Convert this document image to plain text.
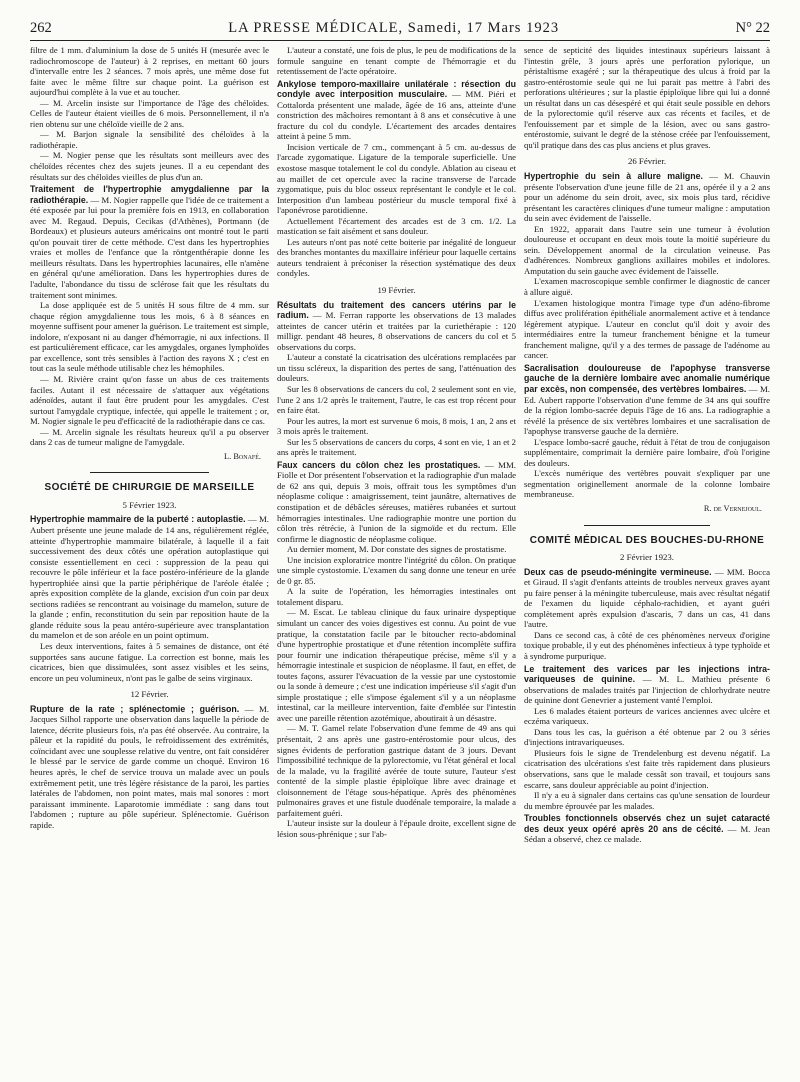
262	LA PRESSE MÉDICALE, Samedi, 17 Mars 1923	N° 22

filtre de 1 mm. d'aluminium la dose de 5 unités H (mesurée avec le radiochromoscope de l'auteur) à 2 reprises, en mettant 60 jours d'intervalle entre les 2 séances. 7 mois après, une même dose fut faite avec le même filtre sur chaque point. La guérison est aujourd'hui complète à la vue et au toucher.

— M. Arcelin insiste sur l'importance de l'âge des chéloïdes. Celles de l'auteur étaient vieilles de 6 mois. Personnellement, il n'a rien obtenu sur une chéloïde vieille de 2 ans.

— M. Barjon signale la sensibilité des chéloïdes à la radiothérapie.

— M. Nogier pense que les résultats sont meilleurs avec des chéloïdes récentes chez des sujets jeunes. Il a eu cependant des résultats sur des chéloïdes vieilles de plus d'un an.

Traitement de l'hypertrophie amygdalienne par la radiothérapie. — M. Nogier rappelle que l'idée de ce traitement a été exposée par lui pour la première fois en 1913, en collaboration avec M. Regaud. Depuis, Cecikas (d'Athènes), Portmann (de Bordeaux) et plusieurs auteurs américains ont montré tout le parti qu'on pouvait tirer de cette méthode. C'est dans les hypertrophies vraies et molles de l'enfance que la röntgenthérapie donne les meilleurs résultats. Dans les hypertrophies lacunaires, elle n'amène en général qu'une amélioration. Dans les hypertrophies dures de l'adulte, l'abondance du tissu de sclérose fait que les résultats du traitement sont minimes.

La dose appliquée est de 5 unités H sous filtre de 4 mm. sur chaque région amygdalienne tous les mois, 6 à 8 séances en moyenne suffisent pour amener la guérison. Le traitement est simple, indolore, n'exposant ni au danger d'hémorragie, ni aux infections. Il est particulièrement efficace, car les amygdales, organes lymphoïdes par excellence, sont très sensibles à l'action des rayons X ; c'est en tout cas la seule méthode utilisable chez les hémophiles.

— M. Rivière craint qu'on fasse un abus de ces traitements faciles. Autant il est nécessaire de s'attaquer aux végétations adénoïdes, autant il faut être prudent pour les amygdales. C'est surtout l'amygdale cryptique, infectée, qui appelle le traitement ; or, M. Nogier signale le peu d'efficacité de la radiothérapie dans ce cas.

— M. Arcelin signale les résultats heureux qu'il a pu observer dans 2 cas de tumeur maligne de l'amygdale.

L. Bonafé.
SOCIÉTÉ DE CHIRURGIE DE MARSEILLE
5 Février 1923.
Hypertrophie mammaire de la puberté : autoplastie. — M. Aubert présente une jeune malade de 14 ans, régulièrement réglée, atteinte d'hypertrophie mammaire bilatérale, à laquelle il a fait successivement des deux côtés une opération autoplastique qui consiste essentiellement en ceci : suppression de la peau qui recouvre le pôle inférieur et la face postéro-inférieure de la glande hypertrophiée ainsi que la partie périphérique de l'aréole étalée ; après exposition complète de la glande, excision d'un coin par deux sections radiées se rencontrant au voisinage du mamelon, suture de la glande ; enfin, reconstitution du sein par reposition haute de la glande réduite sous la peau antéro-supérieure avec transplantation du mamelon et de son aréole en un point optimum.

Les deux interventions, faites à 5 semaines de distance, ont été supportées sans aucune fatigue. La correction est bonne, mais les cicatrices, bien que dissimulées, sont assez visibles et les seins, encore un peu volumineux, n'ont pas le galbe de seins virginaux.

12 Février.
Rupture de la rate ; splénectomie ; guérison. — M. Jacques Silhol rapporte une observation dans laquelle la période de latence, décrite plusieurs fois, n'a pas été observée. Au contraire, la pâleur et la rapidité du pouls, le refroidissement des extrémités, coïncidant avec une souplesse relative du ventre, ont fait considérer le blessé par le service de garde comme un choqué. Environ 16 heures après, le chef de service trouva un malade avec un pouls extrêmement petit, une très légère résistance de la paroi, les parties latérales de l'abdomen, non point mates, mais mal sonores : mort paraissant imminente. Laparotomie immédiate : sang dans tout l'abdomen ; rupture au pôle supérieur. Splénectomie. Guérison rapide.

L'auteur a constaté, une fois de plus, le peu de modifications de la formule sanguine en tenant compte de l'hémorragie et du retentissement de l'acte opératoire.

Ankylose temporo-maxillaire unilatérale : résection du condyle avec interposition musculaire. — MM. Piéri et Cottalorda présentent une malade, âgée de 16 ans, atteinte d'une constriction des mâchoires remontant à 8 ans et consécutive à une fracture du col du condyle. L'écartement des arcades dentaires atteint à peine 5 mm.

Incision verticale de 7 cm., commençant à 5 cm. au-dessus de l'arcade zygomatique. Ligature de la temporale superficielle. Une exostose masque totalement le col du condyle. Ablation au ciseau et au maillet de cet opercule avec la racine transverse de l'arcade zygomatique, puis du bloc osseux représentant le condyle et le col. Interposition d'un lambeau postérieur du muscle temporal fixé à l'aponévrose parotidienne.

Actuellement l'écartement des arcades est de 3 cm. 1/2. La mastication se fait aisément et sans douleur.

Les auteurs n'ont pas noté cette boiterie par inégalité de longueur des branches montantes du maxillaire inférieur pour laquelle certains auteurs tendraient à préconiser la résection systématique des deux condyles.

19 Février.
Résultats du traitement des cancers utérins par le radium. — M. Ferran rapporte les observations de 13 malades atteintes de cancer utérin et traitées par la curiethérapie : 120 milligr. pendant 48 heures, 8 observations de cancers du col et 5 observations du corps.

L'auteur a constaté la cicatrisation des ulcérations remplacées par un tissu scléreux, la disparition des pertes de sang, l'atténuation des douleurs.

Sur les 8 observations de cancers du col, 2 seulement sont en vie, l'une 2 ans 1/2 après le traitement, l'autre, le cas est trop récent pour en faire état.

Pour les autres, la mort est survenue 6 mois, 8 mois, 1 an, 2 ans et 3 mois après le traitement.

Sur les 5 observations de cancers du corps, 4 sont en vie, 1 an et 2 ans après le traitement.

Faux cancers du côlon chez les prostatiques. — MM. Fiolle et Dor présentent l'observation et la radiographie d'un malade de 62 ans qui, depuis 3 mois, offrait tous les symptômes d'un néoplasme colique : amaigrissement, teint jaunâtre, alternatives de constipation et de débâcles séreuses, matières rubanées et surtout hémorragies intestinales. Une radiographie montre une portion du côlon très rétrécie, à l'union de la sigmoïde et du rectum. Elle confirme le diagnostic de néoplasme colique.

Au dernier moment, M. Dor constate des signes de prostatisme.

Une incision exploratrice montre l'intégrité du côlon. On pratique une simple cystostomie. L'examen du sang donne une teneur en urée de 0 gr. 85.

A la suite de l'opération, les hémorragies intestinales ont totalement disparu.

— M. Escat. Le tableau clinique du faux urinaire dyspeptique simulant un cancer des voies digestives est connu. Au point de vue pratique, la constatation facile par le bitoucher recto-abdominal d'une hypertrophie prostatique et d'une rétention incomplète suffira pour fournir une indication thérapeutique précise, même s'il y a hémorragie intestinale et suspicion de néoplasme. Il faut, en effet, de toutes façons, assurer l'évacuation de la vessie par une cystostomie ou la sonde à demeure ; c'est une indication impérieuse s'il s'agit d'un simple prostatique ; elle s'impose également s'il y a un néoplasme intestinal, car la meilleure intervention, faite d'emblée sur l'intestin avec une pareille rétention azotémique, aboutirait à un désastre.

— M. T. Gamel relate l'observation d'une femme de 49 ans qui présentait, 2 ans après une gastro-entérostomie pour ulcus, des signes évidents de perforation gastrique datant de 3 jours. Devant l'impossibilité technique de la pylorectomie, vu l'état général et local de la malade, vu la fragilité avérée de toute suture, l'auteur s'est contenté de la simple plastie épiploïque libre avec drainage et cloisonnement de l'étage sous-hépatique. Après des phénomènes pulmonaires graves et une fistule duodénale temporaire, la malade a parfaitement guéri.

L'auteur insiste sur la douleur à l'épaule droite, excellent signe de lésion sous-phrénique ; sur l'ab-

sence de septicité des liquides intestinaux supérieurs laissant à l'intestin grêle, 3 jours après une perforation pylorique, un péristaltisme exagéré ; sur la thérapeutique des ulcus à froid par la gastro-entérostomie seule qui ne lui parait pas mettre à l'abri des perforations ultérieures ; sur la plastie épiploïque libre qui lui a donné un résultat dans un cas désespéré et qui était seule possible en dehors de la pylorectomie qu'il réserve aux cas récents et faciles, et de l'enfouissement par et simple de la lésion, avec ou sans gastro-entérostomie, suivant le degré de la sténose créée par l'enfouissement, qu'il pratique dans des cas plus anciens et plus graves.

26 Février.
Hypertrophie du sein à allure maligne. — M. Chauvin présente l'observation d'une jeune fille de 21 ans, opérée il y a 2 ans pour un adénome du sein droit, avec, six mois plus tard, récidive présentant les caractères cliniques d'une tumeur maligne : amputation du sein avec évidement de l'aisselle.

En 1922, apparait dans l'autre sein une tumeur à évolution douloureuse et occupant en deux mois toute la moitié supérieure du sein. Développement anormal de la circulation veineuse. Pas d'adhérences. Nombreux ganglions axillaires mobiles et indolores. Amputation du sein gauche avec évidement de l'aisselle.

L'examen macroscopique semble confirmer le diagnostic de cancer à allure aiguë.

L'examen histologique montra l'image type d'un adéno-fibrome diffus avec prolifération épithéliale anormalement active et à tendance légèrement atypique. L'auteur en conclut qu'il doit y avoir des intermédiaires entre la tumeur franchement bénigne et la tumeur franchement maligne, qu'il y a des termes de passage de l'adénome au cancer.

Sacralisation douloureuse de l'apophyse transverse gauche de la dernière lombaire avec anomalie numérique par excès, non compensée, des vertèbres lombaires. — M. Ed. Aubert rapporte l'observation d'une femme de 34 ans qui souffre de la région lombo-sacrée depuis l'âge de 16 ans. La radiographie a révélé la présence de six vertèbres lombaires et une sacralisation de l'apophyse transverse gauche de la dernière.

L'espace lombo-sacré gauche, réduit à l'état de trou de conjugaison supplémentaire, comprimait la dernière paire lombaire, d'où l'origine des douleurs.

L'excès numérique des vertèbres pouvait s'expliquer par une segmentation originellement anormale de la colonne lombaire membraneuse.

R. de Vernejoul.
COMITÉ MÉDICAL DES BOUCHES-DU-RHONE
2 Février 1923.
Deux cas de pseudo-méningite vermineuse. — MM. Bocca et Giraud. Il s'agit d'enfants atteints de troubles nerveux graves ayant pu faire penser à la méningite tuberculeuse, mais avec résultat négatif de l'examen du liquide céphalo-rachidien, et ayant guéri complètement après expulsion d'ascaris, 7 dans un cas, 41 dans l'autre.

Dans ce second cas, à côté de ces phénomènes nerveux d'origine toxique probable, il y eut des phénomènes infectieux à type typhoïde et à syndrome purpurique.

Le traitement des varices par les injections intra-variqueuses de quinine. — M. L. Mathieu présente 6 observations de malades traités par l'injection de chlorhydrate neutre de quinine dont Genevrier a justement vanté l'emploi.

Les 6 malades étaient porteurs de varices anciennes avec ulcère et eczéma variqueux.

Dans tous les cas, la guérison a été obtenue par 2 ou 3 séries d'injections intravariqueuses.

Plusieurs fois le signe de Trendelenburg est devenu négatif. La cicatrisation des ulcérations s'est faite très rapidement dans plusieurs observations, sans que le malade cessât son travail, et toujours sans escarre, sans douleur appréciable au point d'injection.

Il n'y a eu à signaler dans certains cas qu'une sensation de lourdeur du membre éprouvée par les malades.

Troubles fonctionnels observés chez un sujet cataracté des deux yeux opéré après 20 ans de cécité. — M. Jean Sédan a observé, chez ce malade.
